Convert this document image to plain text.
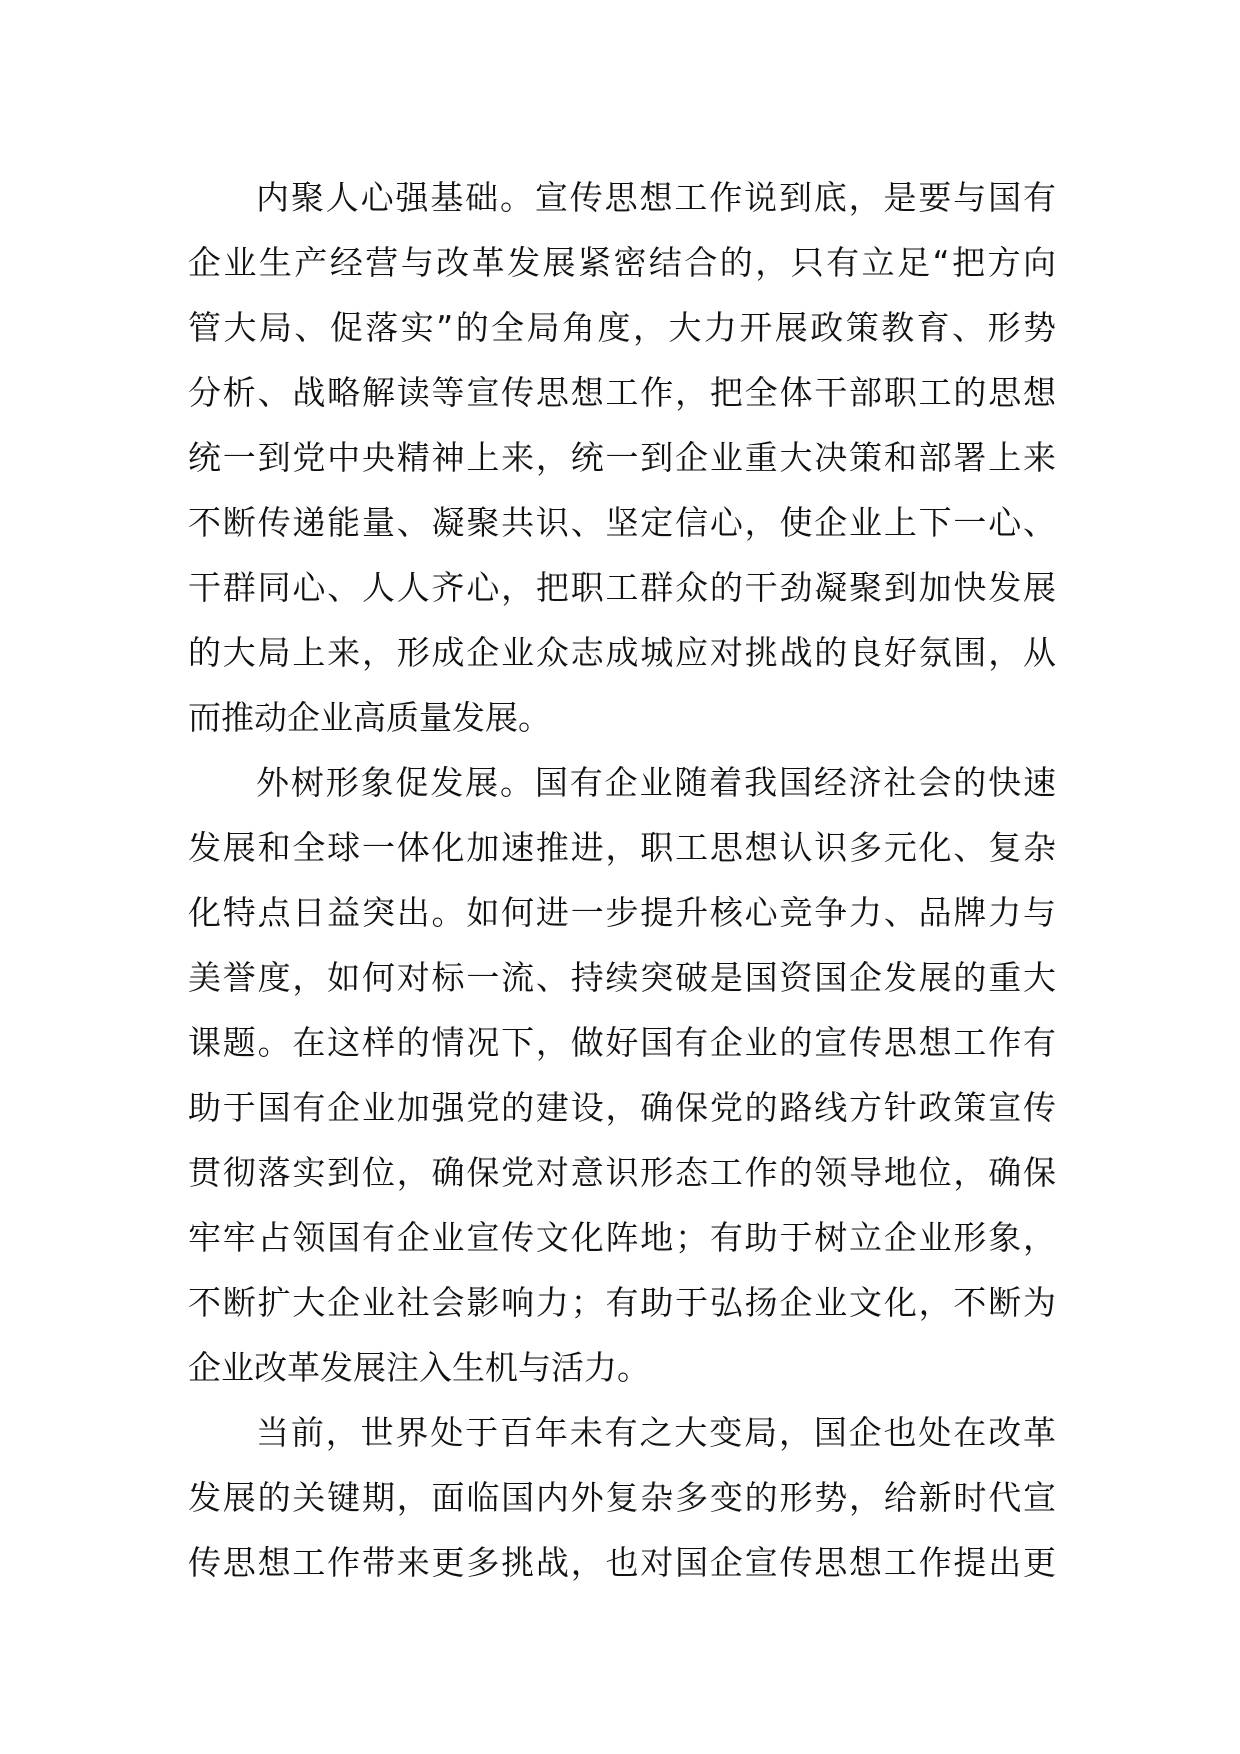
内聚人心强基础。宣传思想工作说到底，是要与国有
企业生产经营与改革发展紧密结合的，只有立足“把方向
管大局、促落实”的全局角度，大力开展政策教育、形势
分析、战略解读等宣传思想工作，把全体干部职工的思想
统一到党中央精神上来，统一到企业重大决策和部署上来
不断传递能量、凝聚共识、坚定信心，使企业上下一心、
干群同心、人人齐心，把职工群众的干劲凝聚到加快发展
的大局上来，形成企业众志成城应对挑战的良好氛围，从
而推动企业高质量发展。
外树形象促发展。国有企业随着我国经济社会的快速
发展和全球一体化加速推进，职工思想认识多元化、复杂
化特点日益突出。如何进一步提升核心竞争力、品牌力与
美誉度，如何对标一流、持续突破是国资国企发展的重大
课题。在这样的情况下，做好国有企业的宣传思想工作有
助于国有企业加强党的建设，确保党的路线方针政策宣传
贯彻落实到位，确保党对意识形态工作的领导地位，确保
牢牢占领国有企业宣传文化阵地；有助于树立企业形象，
不断扩大企业社会影响力；有助于弘扬企业文化，不断为
企业改革发展注入生机与活力。
当前，世界处于百年未有之大变局，国企也处在改革
发展的关键期，面临国内外复杂多变的形势，给新时代宣
传思想工作带来更多挑战，也对国企宣传思想工作提出更
